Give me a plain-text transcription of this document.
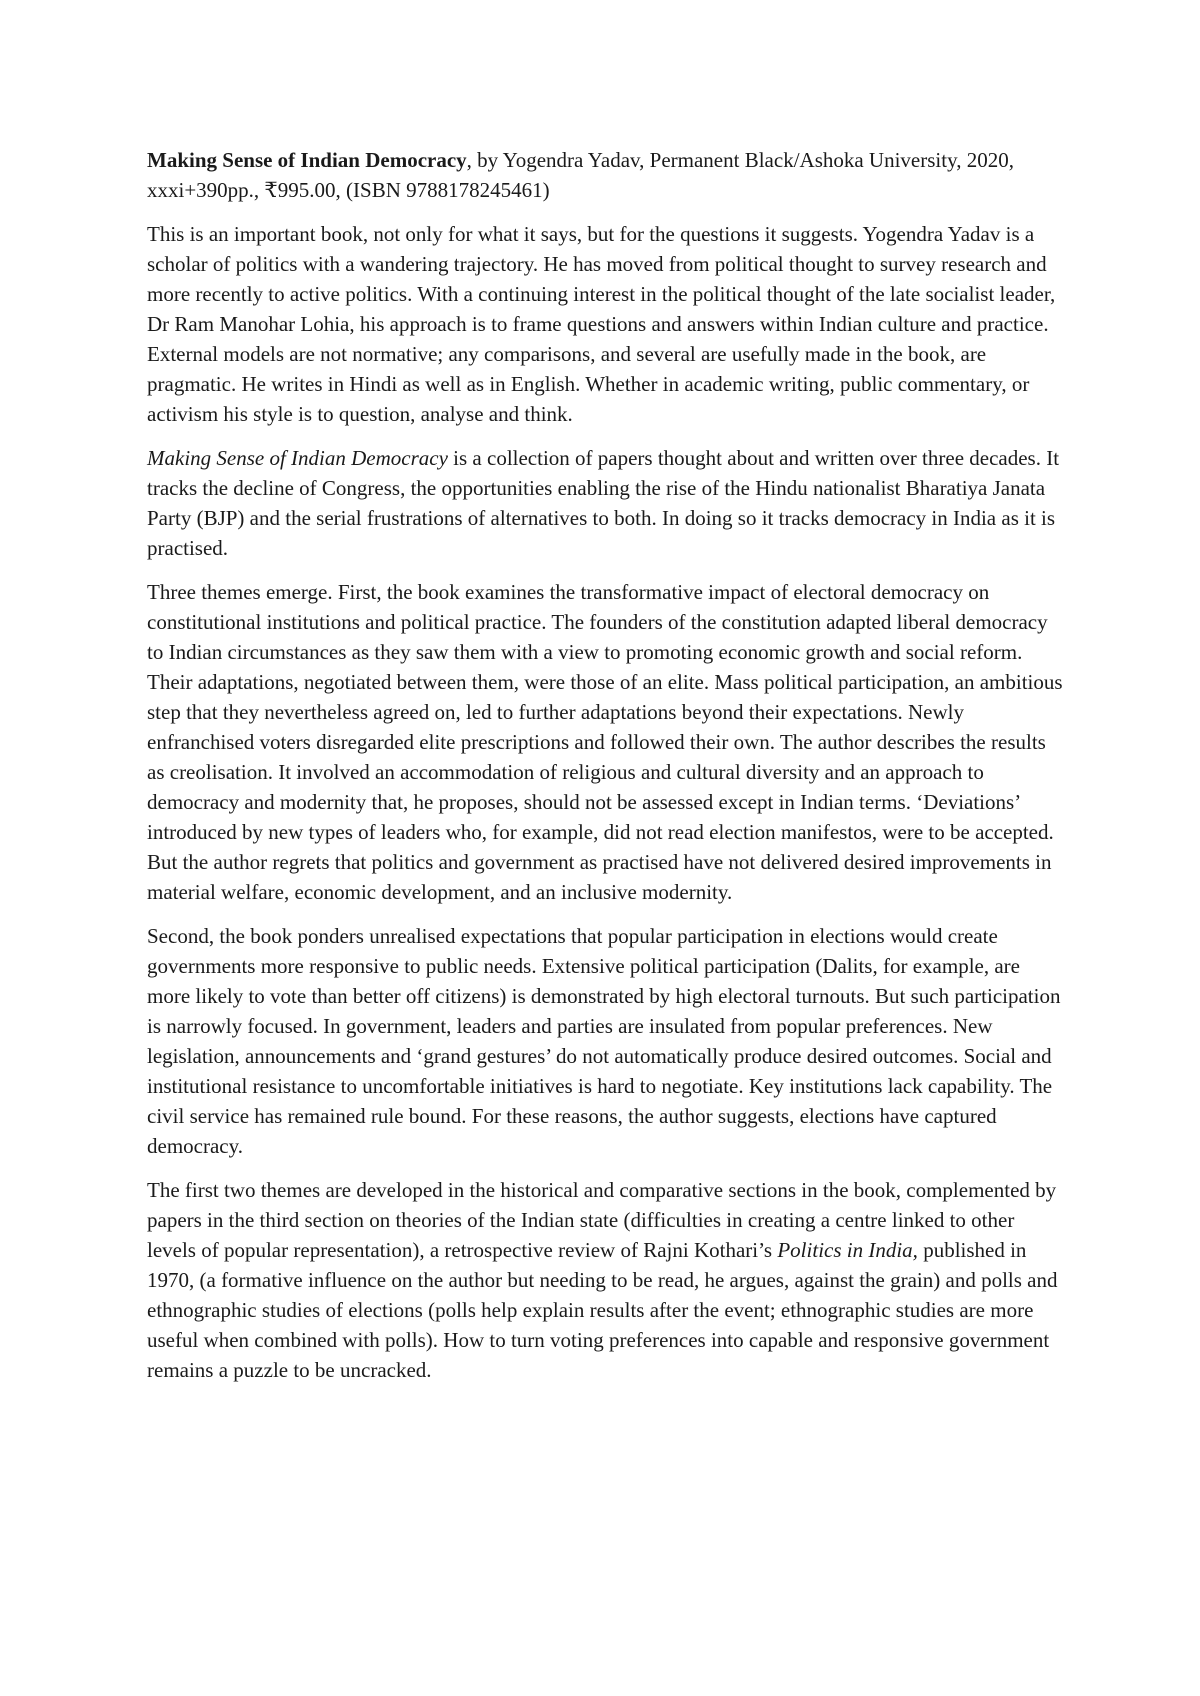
Making Sense of Indian Democracy, by Yogendra Yadav, Permanent Black/Ashoka University, 2020, xxxi+390pp., ₹995.00, (ISBN 9788178245461)

This is an important book, not only for what it says, but for the questions it suggests. Yogendra Yadav is a scholar of politics with a wandering trajectory. He has moved from political thought to survey research and more recently to active politics. With a continuing interest in the political thought of the late socialist leader, Dr Ram Manohar Lohia, his approach is to frame questions and answers within Indian culture and practice. External models are not normative; any comparisons, and several are usefully made in the book, are pragmatic. He writes in Hindi as well as in English. Whether in academic writing, public commentary, or activism his style is to question, analyse and think.

Making Sense of Indian Democracy is a collection of papers thought about and written over three decades. It tracks the decline of Congress, the opportunities enabling the rise of the Hindu nationalist Bharatiya Janata Party (BJP) and the serial frustrations of alternatives to both. In doing so it tracks democracy in India as it is practised.

Three themes emerge. First, the book examines the transformative impact of electoral democracy on constitutional institutions and political practice. The founders of the constitution adapted liberal democracy to Indian circumstances as they saw them with a view to promoting economic growth and social reform. Their adaptations, negotiated between them, were those of an elite. Mass political participation, an ambitious step that they nevertheless agreed on, led to further adaptations beyond their expectations. Newly enfranchised voters disregarded elite prescriptions and followed their own. The author describes the results as creolisation. It involved an accommodation of religious and cultural diversity and an approach to democracy and modernity that, he proposes, should not be assessed except in Indian terms. ‘Deviations’ introduced by new types of leaders who, for example, did not read election manifestos, were to be accepted. But the author regrets that politics and government as practised have not delivered desired improvements in material welfare, economic development, and an inclusive modernity.

Second, the book ponders unrealised expectations that popular participation in elections would create governments more responsive to public needs. Extensive political participation (Dalits, for example, are more likely to vote than better off citizens) is demonstrated by high electoral turnouts. But such participation is narrowly focused. In government, leaders and parties are insulated from popular preferences. New legislation, announcements and ‘grand gestures’ do not automatically produce desired outcomes. Social and institutional resistance to uncomfortable initiatives is hard to negotiate. Key institutions lack capability. The civil service has remained rule bound. For these reasons, the author suggests, elections have captured democracy.

The first two themes are developed in the historical and comparative sections in the book, complemented by papers in the third section on theories of the Indian state (difficulties in creating a centre linked to other levels of popular representation), a retrospective review of Rajni Kothari’s Politics in India, published in 1970, (a formative influence on the author but needing to be read, he argues, against the grain) and polls and ethnographic studies of elections (polls help explain results after the event; ethnographic studies are more useful when combined with polls). How to turn voting preferences into capable and responsive government remains a puzzle to be uncracked.
